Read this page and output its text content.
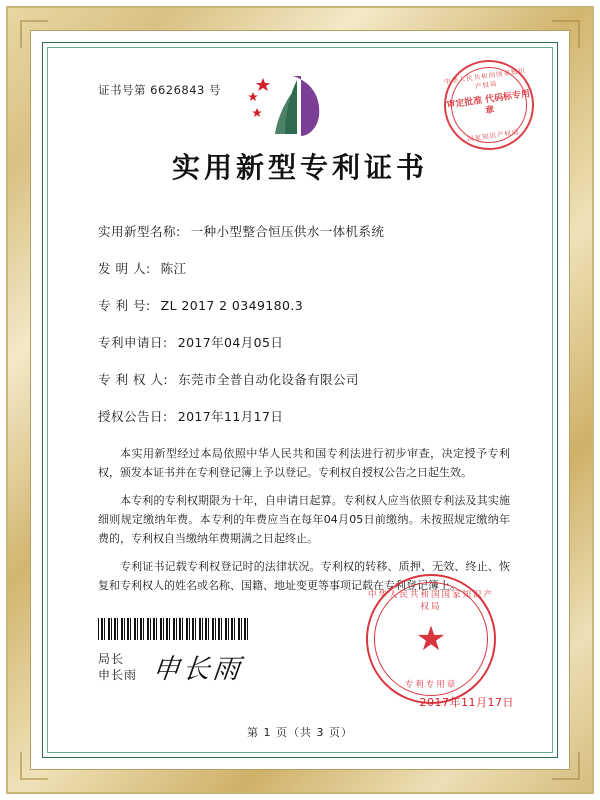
证书号第 6626843 号
中华人民共和国国家知识产权局
审定批准 代码标专用章
国家知识产权局
实用新型专利证书
实用新型名称: 一种小型整合恒压供水一体机系统
发 明 人: 陈江
专 利 号: ZL 2017 2 0349180.3
专利申请日: 2017年04月05日
专 利 权 人: 东莞市全普自动化设备有限公司
授权公告日: 2017年11月17日

本实用新型经过本局依照中华人民共和国专利法进行初步审查，决定授予专利权，颁发本证书并在专利登记簿上予以登记。专利权自授权公告之日起生效。

本专利的专利权期限为十年，自申请日起算。专利权人应当依照专利法及其实施细则规定缴纳年费。本专利的年费应当在每年04月05日前缴纳。未按照规定缴纳年费的，专利权自当缴纳年费期满之日起终止。

专利证书记载专利权登记时的法律状况。专利权的转移、质押、无效、终止、恢复和专利权人的姓名或名称、国籍、地址变更等事项记载在专利登记簿上。

局长
申长雨 申长雨
中华人民共和国国家知识产权局
★
专利专用章
2017年11月17日
第 1 页（共 3 页）
